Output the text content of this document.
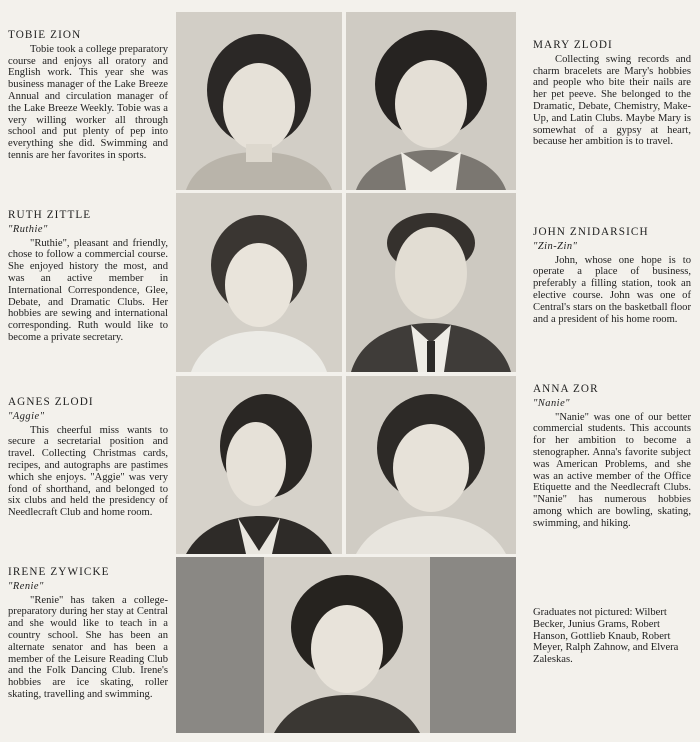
TOBIE ZION

Tobie took a college preparatory course and enjoys all oratory and English work. This year she was business manager of the Lake Breeze Annual and circulation manager of the Lake Breeze Weekly. Tobie was a very willing worker all through school and put plenty of pep into everything she did. Swimming and tennis are her favorites in sports.

MARY ZLODI

Collecting swing records and charm bracelets are Mary's hobbies and people who bite their nails are her pet peeve. She belonged to the Dramatic, Debate, Chemistry, Make-Up, and Latin Clubs. Maybe Mary is somewhat of a gypsy at heart, because her ambition is to travel.

RUTH ZITTLE
"Ruthie"

"Ruthie", pleasant and friendly, chose to follow a commercial course. She enjoyed history the most, and was an active member in International Correspondence, Glee, Debate, and Dramatic Clubs. Her hobbies are sewing and international corresponding. Ruth would like to become a private secretary.

JOHN ZNIDARSICH
"Zin-Zin"

John, whose one hope is to operate a place of business, preferably a filling station, took an elective course. John was one of Central's stars on the basketball floor and a president of his home room.

AGNES ZLODI
"Aggie"

This cheerful miss wants to secure a secretarial position and travel. Collecting Christmas cards, recipes, and autographs are pastimes which she enjoys. "Aggie" was very fond of shorthand, and belonged to six clubs and held the presidency of Needlecraft Club and home room.

ANNA ZOR
"Nanie"

"Nanie" was one of our better commercial students. This accounts for her ambition to become a stenographer. Anna's favorite subject was American Problems, and she was an active member of the Office Etiquette and the Needlecraft Clubs. "Nanie" has numerous hobbies among which are bowling, skating, swimming, and hiking.

IRENE ZYWICKE
"Renie"

"Renie" has taken a college-preparatory during her stay at Central and she would like to teach in a country school. She has been an alternate senator and has been a member of the Leisure Reading Club and the Folk Dancing Club. Irene's hobbies are ice skating, roller skating, travelling and swimming.

Graduates not pictured: Wilbert Becker, Junius Grams, Robert Hanson, Gottlieb Knaub, Robert Meyer, Ralph Zahnow, and Elvera Zaleskas.
